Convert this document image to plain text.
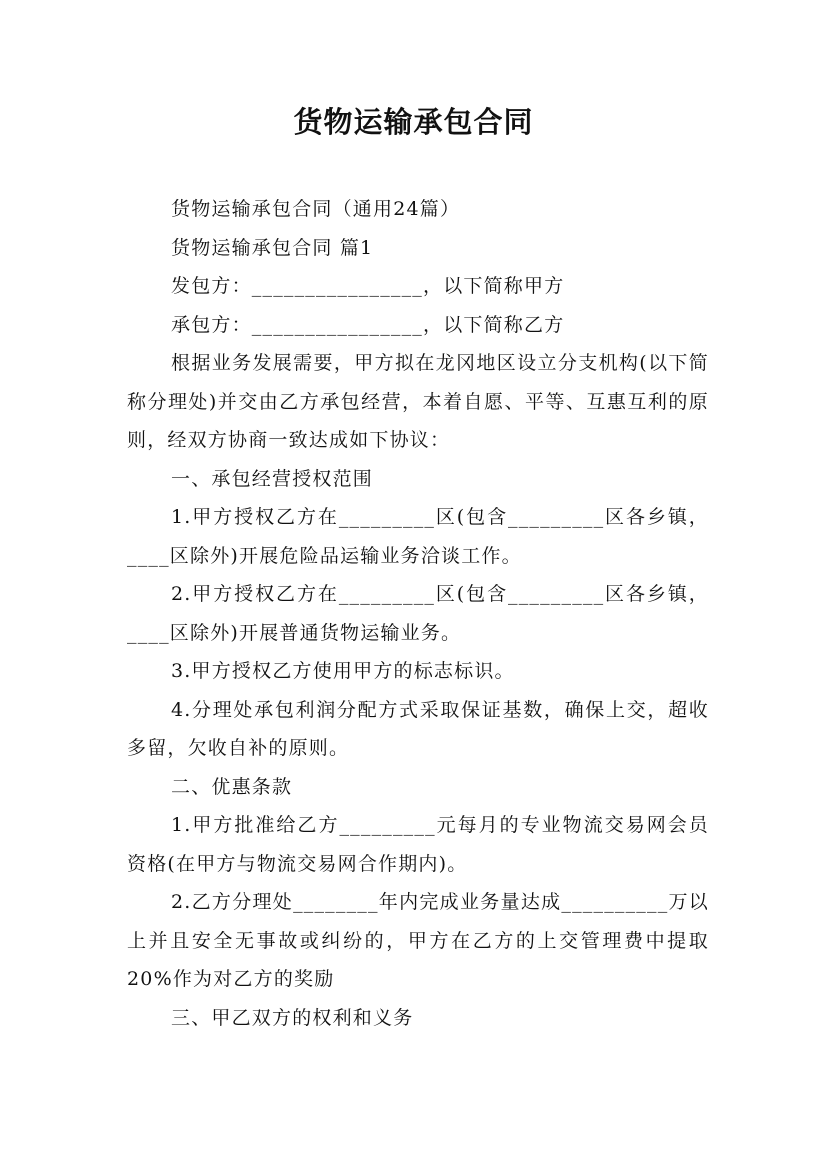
货物运输承包合同

货物运输承包合同（通用24篇）

货物运输承包合同 篇1

发包方：________________，以下简称甲方

承包方：________________，以下简称乙方

根据业务发展需要，甲方拟在龙冈地区设立分支机构(以下简称分理处)并交由乙方承包经营，本着自愿、平等、互惠互利的原则，经双方协商一致达成如下协议：

一、承包经营授权范围

1.甲方授权乙方在_________区(包含_________区各乡镇，____区除外)开展危险品运输业务洽谈工作。

2.甲方授权乙方在_________区(包含_________区各乡镇，____区除外)开展普通货物运输业务。

3.甲方授权乙方使用甲方的标志标识。

4.分理处承包利润分配方式采取保证基数，确保上交，超收多留，欠收自补的原则。

二、优惠条款

1.甲方批准给乙方_________元每月的专业物流交易网会员资格(在甲方与物流交易网合作期内)。

2.乙方分理处________年内完成业务量达成__________万以上并且安全无事故或纠纷的，甲方在乙方的上交管理费中提取20%作为对乙方的奖励

三、甲乙双方的权利和义务
